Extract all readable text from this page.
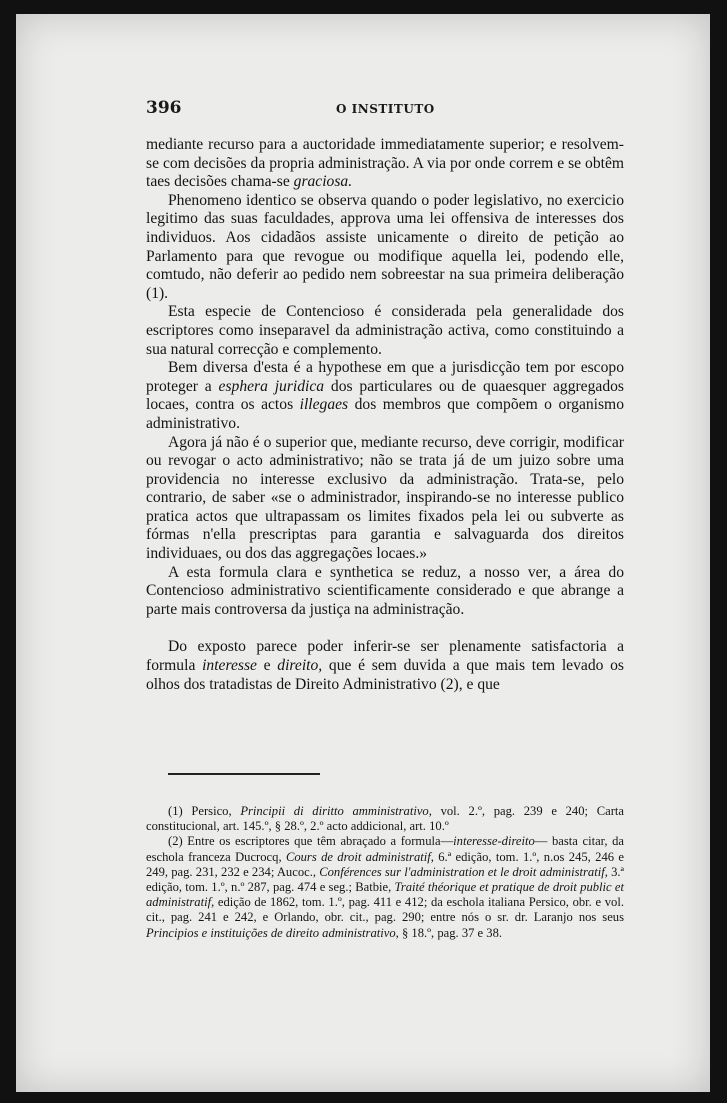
396	O INSTITUTO

mediante recurso para a auctoridade immediatamente superior; e resolvem-se com decisões da propria administração. A via por onde correm e se obtêm taes decisões chama-se graciosa.

Phenomeno identico se observa quando o poder legislativo, no exercicio legitimo das suas faculdades, approva uma lei offensiva de interesses dos individuos. Aos cidadãos assiste unicamente o direito de petição ao Parlamento para que revogue ou modifique aquella lei, podendo elle, comtudo, não deferir ao pedido nem sobreestar na sua primeira deliberação (1).

Esta especie de Contencioso é considerada pela generalidade dos escriptores como inseparavel da administração activa, como constituindo a sua natural correcção e complemento.

Bem diversa d'esta é a hypothese em que a jurisdicção tem por escopo proteger a esphera juridica dos particulares ou de quaesquer aggregados locaes, contra os actos illegaes dos membros que compõem o organismo administrativo.

Agora já não é o superior que, mediante recurso, deve corrigir, modificar ou revogar o acto administrativo; não se trata já de um juizo sobre uma providencia no interesse exclusivo da administração. Trata-se, pelo contrario, de saber «se o administrador, inspirando-se no interesse publico pratica actos que ultrapassam os limites fixados pela lei ou subverte as fórmas n'ella prescriptas para garantia e salvaguarda dos direitos individuaes, ou dos das aggregações locaes.»

A esta formula clara e synthetica se reduz, a nosso ver, a área do Contencioso administrativo scientificamente considerado e que abrange a parte mais controversa da justiça na administração.

Do exposto parece poder inferir-se ser plenamente satisfactoria a formula interesse e direito, que é sem duvida a que mais tem levado os olhos dos tratadistas de Direito Administrativo (2), e que

(1) Persico, Principii di diritto amministrativo, vol. 2.º, pag. 239 e 240; Carta constitucional, art. 145.º, § 28.º, 2.º acto addicional, art. 10.º

(2) Entre os escriptores que têm abraçado a formula—interesse-direito— basta citar, da eschola franceza Ducrocq, Cours de droit administratif, 6.ª edição, tom. 1.º, n.os 245, 246 e 249, pag. 231, 232 e 234; Aucoc., Conférences sur l'administration et le droit administratif, 3.ª edição, tom. 1.º, n.º 287, pag. 474 e seg.; Batbie, Traité théorique et pratique de droit public et administratif, edição de 1862, tom. 1.º, pag. 411 e 412; da eschola italiana Persico, obr. e vol. cit., pag. 241 e 242, e Orlando, obr. cit., pag. 290; entre nós o sr. dr. Laranjo nos seus Principios e instituições de direito administrativo, § 18.º, pag. 37 e 38.
